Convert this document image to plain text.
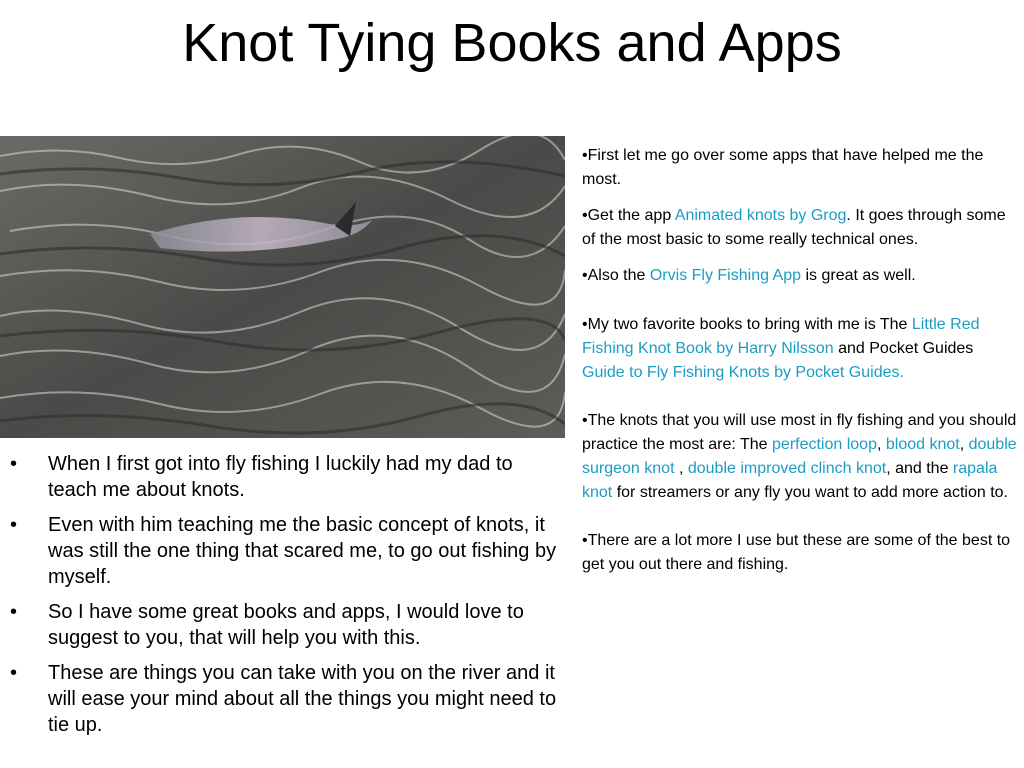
Knot Tying Books and Apps
• When I first got into fly fishing I luckily had my dad to teach me about knots.
• Even with him teaching me the basic concept of knots, it was still the one thing that scared me, to go out fishing by myself.
• So I have some great books and apps, I would love to suggest to you, that will help you with this.
• These are things you can take with you on the river and it will ease your mind about all the things you might need to tie up.

•First let me go over some apps that have helped me the most.

•Get the app Animated knots by Grog. It goes through some of the most basic to some really technical ones.

•Also the Orvis Fly Fishing App is great as well.

•My two favorite books to bring with me is The Little Red Fishing Knot Book by Harry Nilsson and Pocket Guides Guide to Fly Fishing Knots by Pocket Guides.

•The knots that you will use most in fly fishing and you should practice the most are: The perfection loop, blood knot, double surgeon knot , double improved clinch knot, and the rapala knot for streamers or any fly you want to add more action to.

•There are a lot more I use but these are some of the best to get you out there and fishing.
